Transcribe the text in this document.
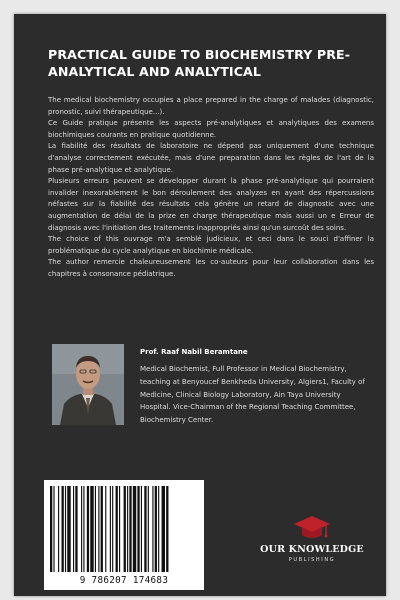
PRACTICAL GUIDE TO BIOCHEMISTRY PRE-ANALYTICAL AND ANALYTICAL

The medical biochemistry occupies a place prepared in the charge of malades (diagnostic, pronostic, suivi thérapeutique...).

Ce Guide pratique présente les aspects pré-analytiques et analytiques des examens biochimiques courants en pratique quotidienne.

La fiabilité des résultats de laboratoire ne dépend pas uniquement d'une technique d'analyse correctement exécutée, mais d'une preparation dans les règles de l'art de la phase pré-analytique et analytique.

Plusieurs erreurs peuvent se développer durant la phase pré-analytique qui pourraient invalider inexorablement le bon déroulement des analyzes en ayant des répercussions néfastes sur la fiabilité des résultats cela génère un retard de diagnostic avec une augmentation de délai de la prize en charge thérapeutique mais aussi un e Erreur de diagnosis avec l'initiation des traitements inappropriés ainsi qu'un surcoût des soins.

The choice of this ouvrage m'a semblé judicieux, et ceci dans le souci d'affiner la problématique du cycle analytique en biochimie médicale.

The author remercie chaleureusement les co-auteurs pour leur collaboration dans les chapitres à consonance pédiatrique.

Prof. Raaf Nabil Beramtane
Medical Biochemist, Full Professor in Medical Biochemistry, teaching at Benyoucef Benkheda University, Algiers1, Faculty of Medicine, Clinical Biology Laboratory, Ain Taya University Hospital. Vice-Chairman of the Regional Teaching Committee, Biochemistry Center.
9 786207 174683
OUR KNOWLEDGE
PUBLISHING
